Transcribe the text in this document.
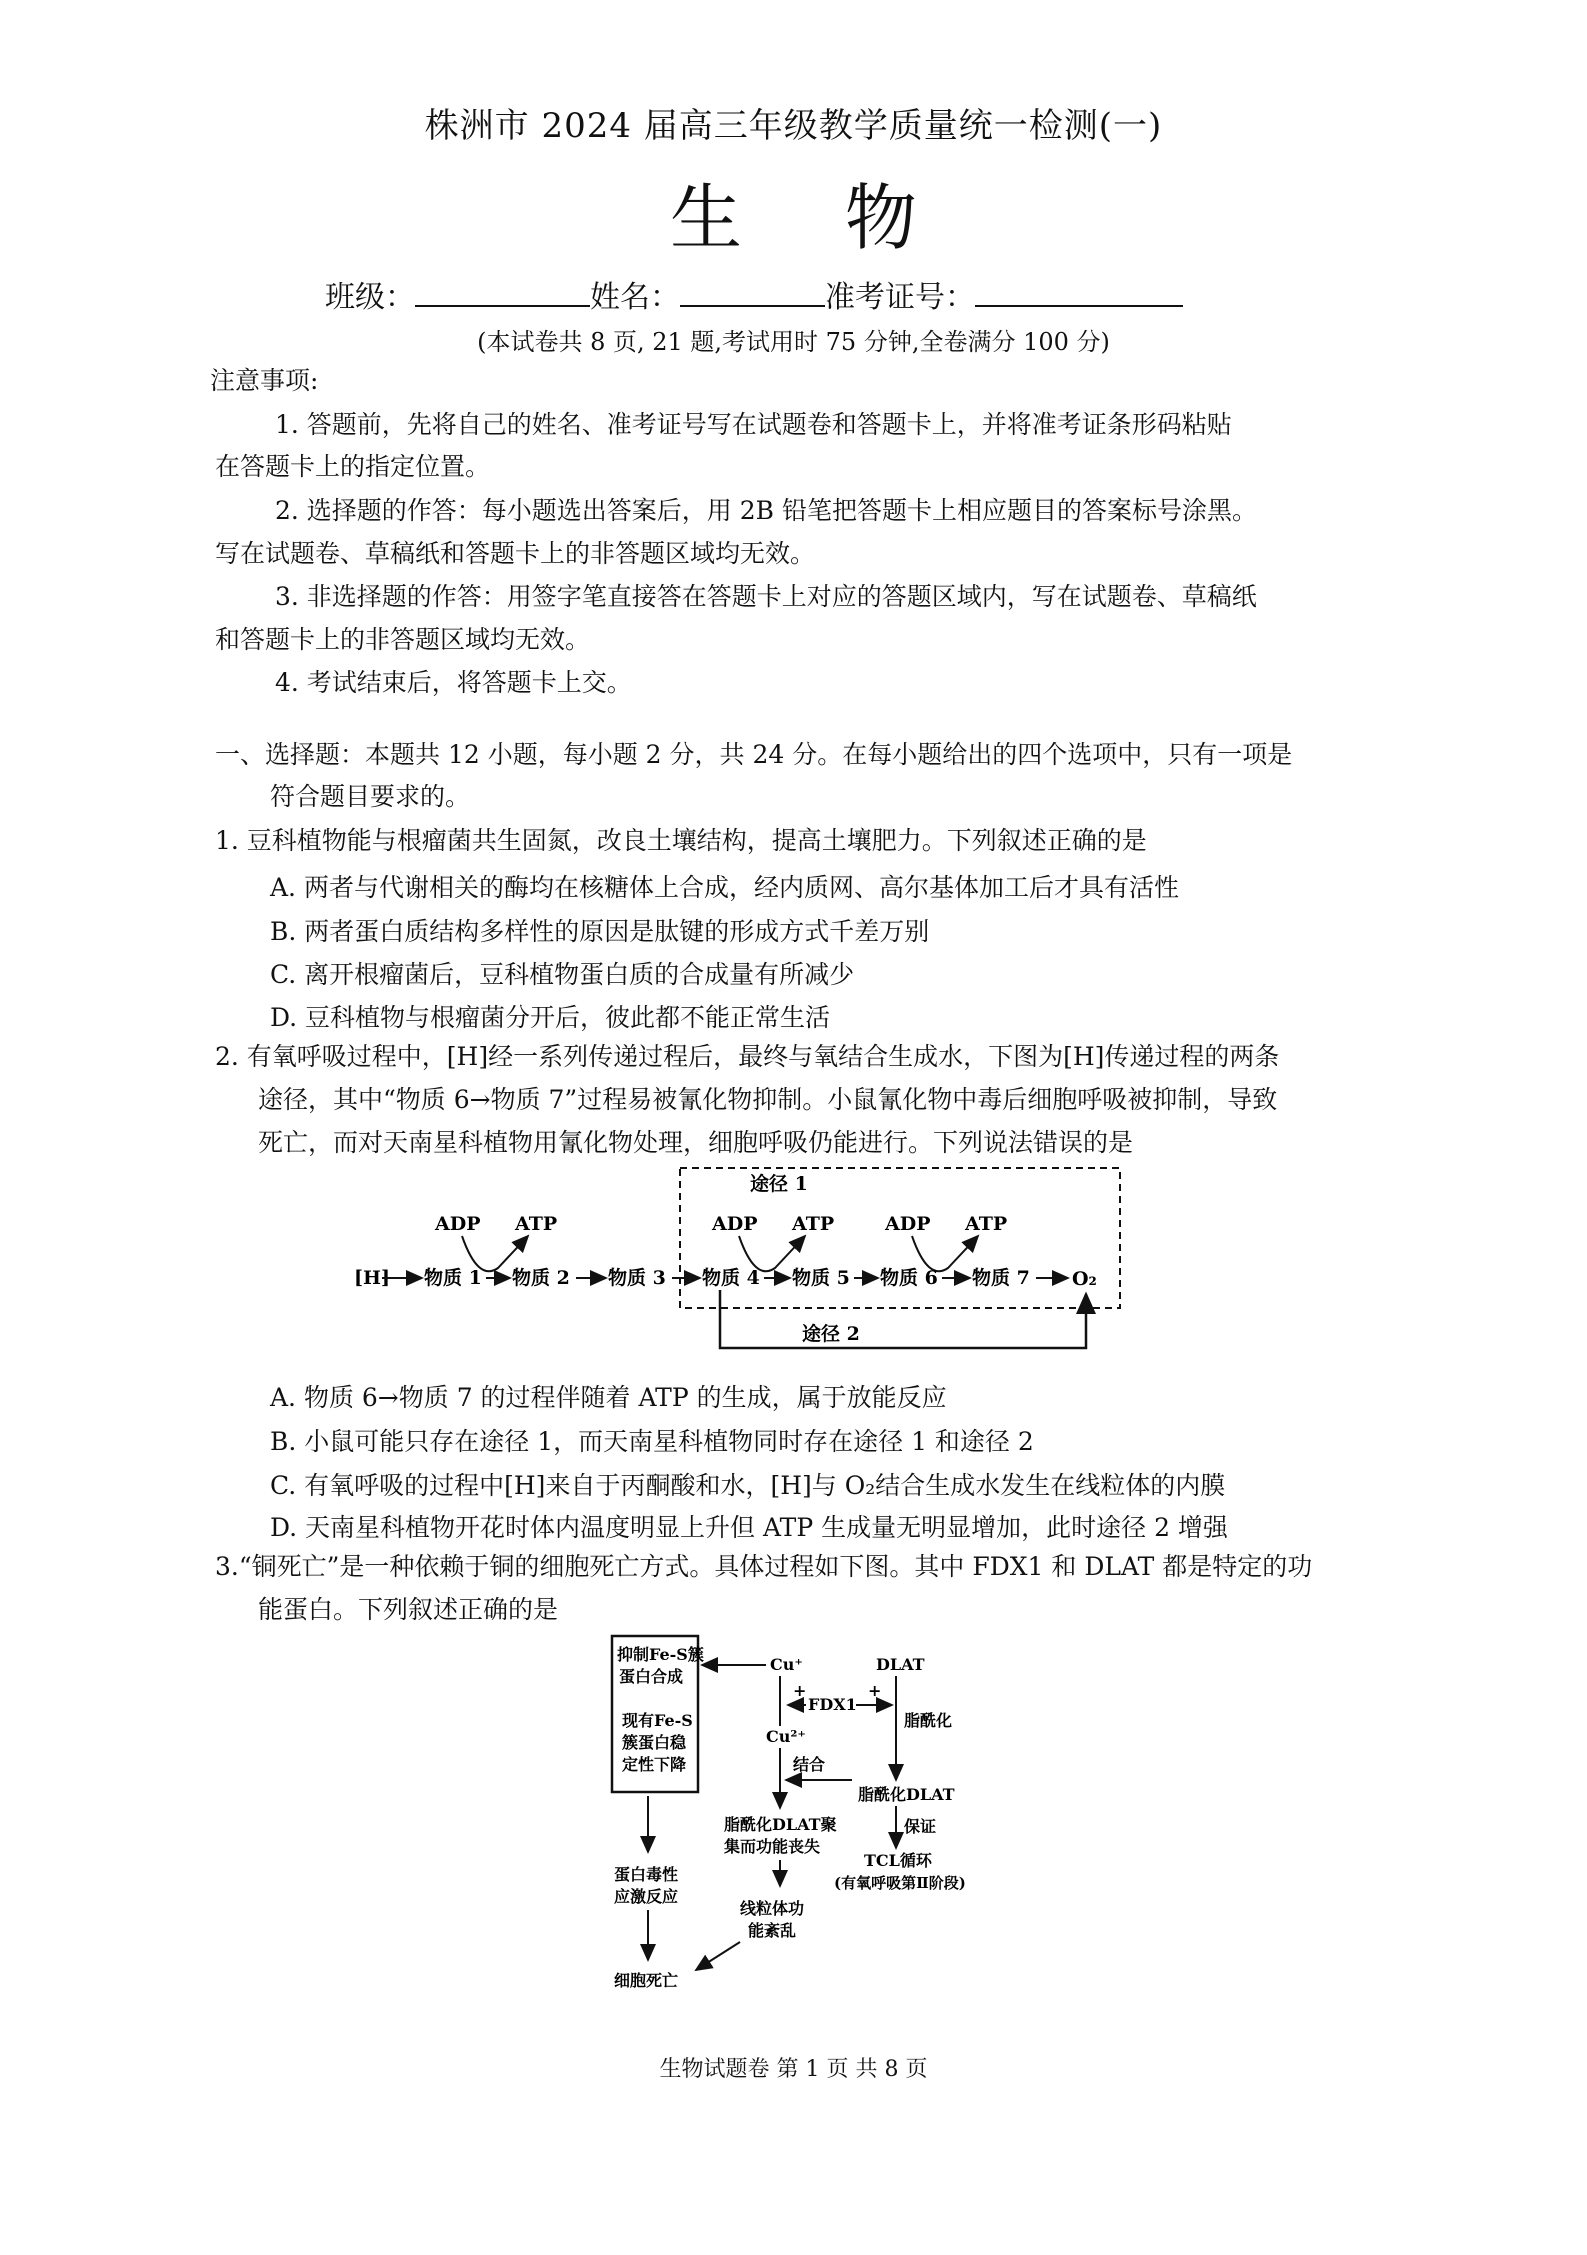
株洲市 2024 届高三年级教学质量统一检测(一)
生 物
班级：	姓名：	准考证号：
(本试卷共 8 页, 21 题,考试用时 75 分钟,全卷满分 100 分)
注意事项:
1. 答题前，先将自己的姓名、准考证号写在试题卷和答题卡上，并将准考证条形码粘贴
在答题卡上的指定位置。
2. 选择题的作答：每小题选出答案后，用 2B 铅笔把答题卡上相应题目的答案标号涂黑。
写在试题卷、草稿纸和答题卡上的非答题区域均无效。
3. 非选择题的作答：用签字笔直接答在答题卡上对应的答题区域内，写在试题卷、草稿纸
和答题卡上的非答题区域均无效。
4. 考试结束后，将答题卡上交。
一、选择题：本题共 12 小题，每小题 2 分，共 24 分。在每小题给出的四个选项中，只有一项是
符合题目要求的。
1. 豆科植物能与根瘤菌共生固氮，改良土壤结构，提高土壤肥力。下列叙述正确的是
A. 两者与代谢相关的酶均在核糖体上合成，经内质网、高尔基体加工后才具有活性
B. 两者蛋白质结构多样性的原因是肽键的形成方式千差万别
C. 离开根瘤菌后，豆科植物蛋白质的合成量有所减少
D. 豆科植物与根瘤菌分开后，彼此都不能正常生活
2. 有氧呼吸过程中，[H]经一系列传递过程后，最终与氧结合生成水，下图为[H]传递过程的两条
途径，其中“物质 6→物质 7”过程易被氰化物抑制。小鼠氰化物中毒后细胞呼吸被抑制，导致
死亡，而对天南星科植物用氰化物处理，细胞呼吸仍能进行。下列说法错误的是
途径 1
ADP ATP	ADP ATP	ADP ATP
[H] 物质 1 物质 2 物质 3 物质 4 物质 5 物质 6 物质 7 O₂
途径 2
A. 物质 6→物质 7 的过程伴随着 ATP 的生成，属于放能反应
B. 小鼠可能只存在途径 1，而天南星科植物同时存在途径 1 和途径 2
C. 有氧呼吸的过程中[H]来自于丙酮酸和水，[H]与 O₂结合生成水发生在线粒体的内膜
D. 天南星科植物开花时体内温度明显上升但 ATP 生成量无明显增加，此时途径 2 增强
3.“铜死亡”是一种依赖于铜的细胞死亡方式。具体过程如下图。其中 FDX1 和 DLAT 都是特定的功
能蛋白。下列叙述正确的是
抑制Fe-S簇
蛋白合成
现有Fe-S
簇蛋白稳
定性下降
Cu⁺	DLAT
脂酰化
+
FDX1
+
Cu²⁺
脂酰化DLAT
结合
脂酰化DLAT聚
集而功能丧失
保证
TCL循环
(有氧呼吸第Ⅱ阶段)
线粒体功
能紊乱
蛋白毒性
应激反应
细胞死亡
生物试题卷 第 1 页 共 8 页
